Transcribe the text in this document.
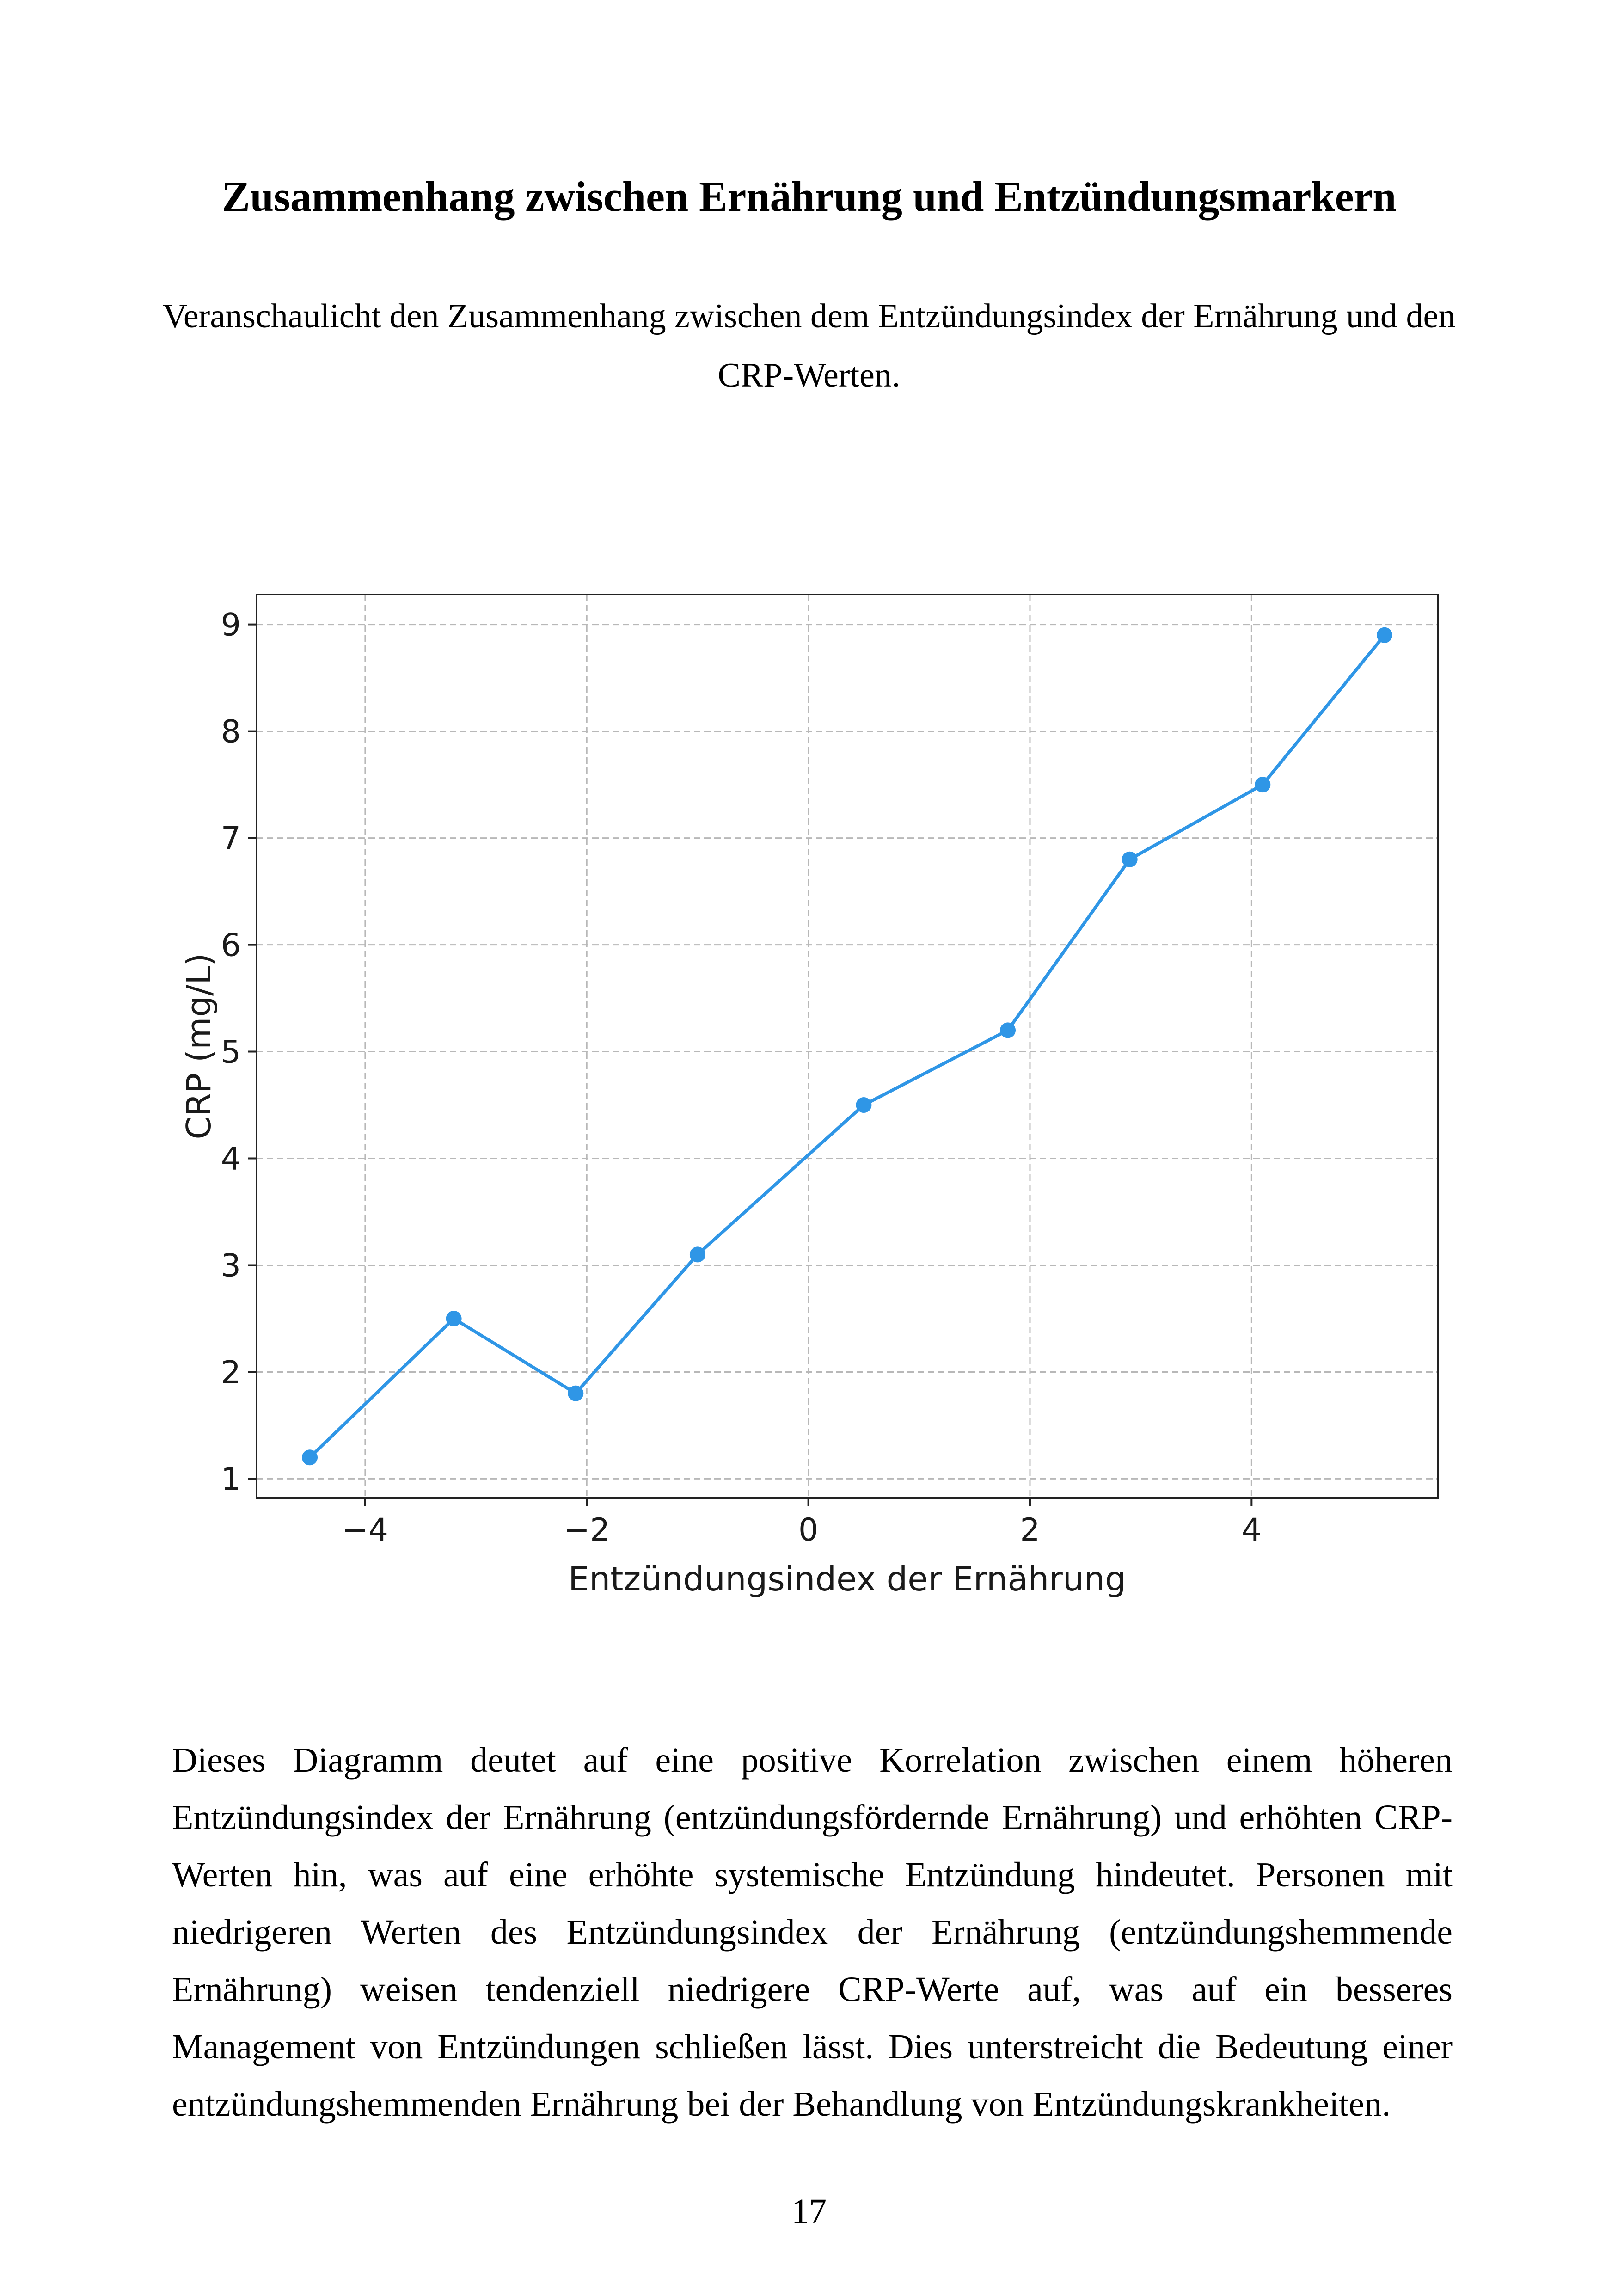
Zusammenhang zwischen Ernährung und Entzündungsmarkern
Veranschaulicht den Zusammenhang zwischen dem Entzündungsindex der Ernährung und den CRP-Werten.
−4	−2	0	2	4
1
2
3
4
5
6
7
8
9
Entzündungsindex der Ernährung
CRP (mg/L)

Dieses Diagramm deutet auf eine positive Korrelation zwischen einem höheren Entzündungsindex der Ernährung (entzündungsfördernde Ernährung) und erhöhten CRP-Werten hin, was auf eine erhöhte systemische Entzündung hindeutet. Personen mit niedrigeren Werten des Entzündungsindex der Ernährung (entzündungshemmende Ernährung) weisen tendenziell niedrigere CRP-Werte auf, was auf ein besseres Management von Entzündungen schließen lässt. Dies unterstreicht die Bedeutung einer entzündungshemmenden Ernährung bei der Behandlung von Entzündungskrankheiten.

17
